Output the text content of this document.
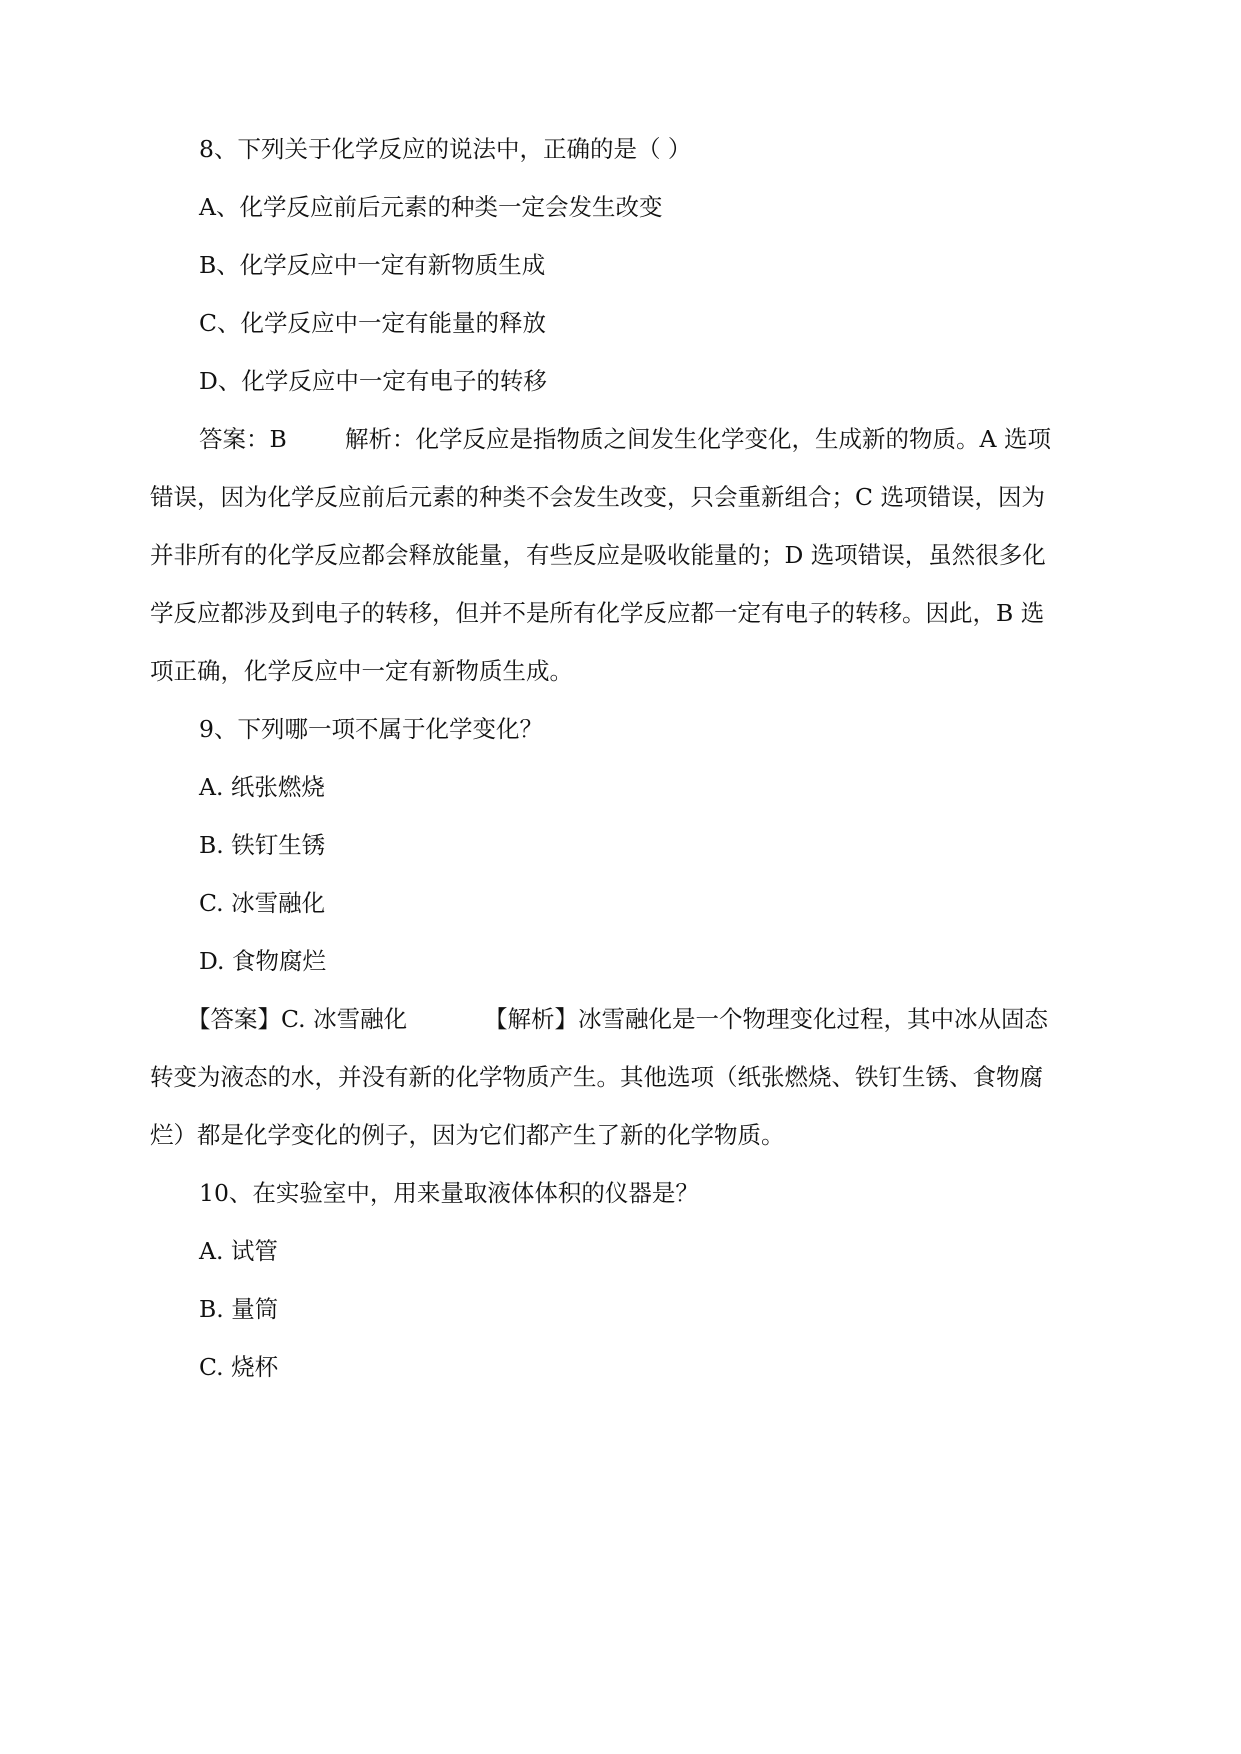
8、下列关于化学反应的说法中，正确的是（ ）
A、化学反应前后元素的种类一定会发生改变
B、化学反应中一定有新物质生成
C、化学反应中一定有能量的释放
D、化学反应中一定有电子的转移
答案：B 解析：化学反应是指物质之间发生化学变化，生成新的物质。A 选项
错误，因为化学反应前后元素的种类不会发生改变，只会重新组合；C 选项错误，因为
并非所有的化学反应都会释放能量，有些反应是吸收能量的；D 选项错误，虽然很多化
学反应都涉及到电子的转移，但并不是所有化学反应都一定有电子的转移。因此，B 选
项正确，化学反应中一定有新物质生成。
9、下列哪一项不属于化学变化？
A. 纸张燃烧
B. 铁钉生锈
C. 冰雪融化
D. 食物腐烂
【答案】C. 冰雪融化	【解析】冰雪融化是一个物理变化过程，其中冰从固态
转变为液态的水，并没有新的化学物质产生。其他选项（纸张燃烧、铁钉生锈、食物腐
烂）都是化学变化的例子，因为它们都产生了新的化学物质。
10、在实验室中，用来量取液体体积的仪器是？
A. 试管
B. 量筒
C. 烧杯
